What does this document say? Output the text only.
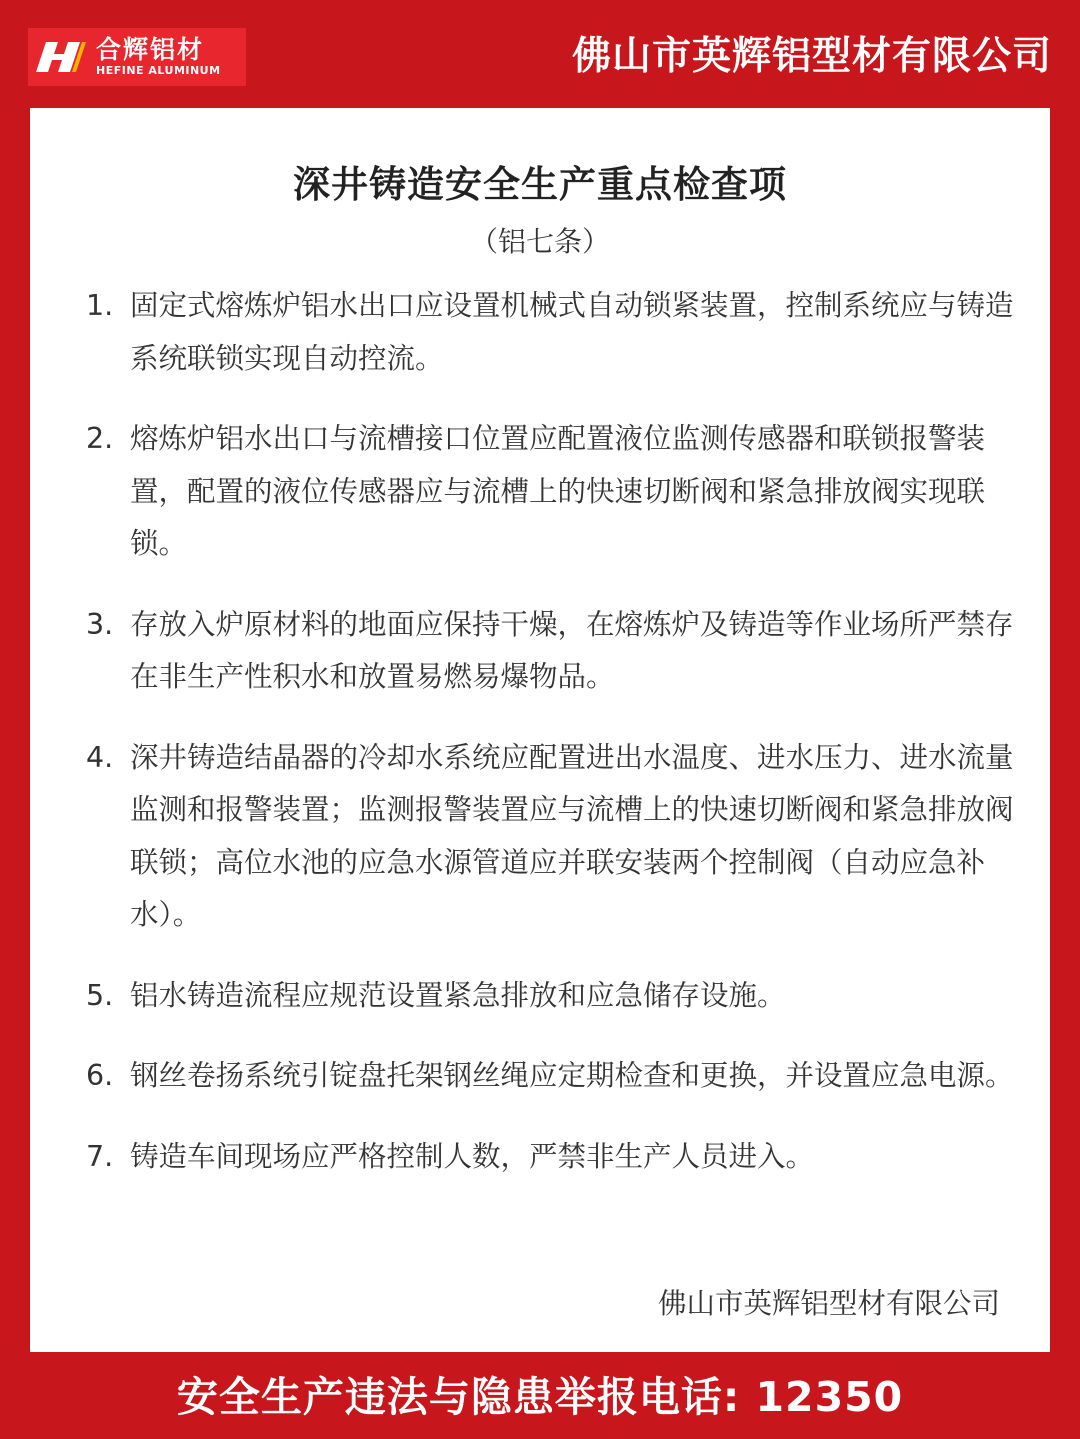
合辉铝材
HEFINE ALUMINUM	佛山市英辉铝型材有限公司
深井铸造安全生产重点检查项
（铝七条）
1. 固定式熔炼炉铝水出口应设置机械式自动锁紧装置，控制系统应与铸造系统联锁实现自动控流。
2. 熔炼炉铝水出口与流槽接口位置应配置液位监测传感器和联锁报警装置，配置的液位传感器应与流槽上的快速切断阀和紧急排放阀实现联锁。
3. 存放入炉原材料的地面应保持干燥，在熔炼炉及铸造等作业场所严禁存在非生产性积水和放置易燃易爆物品。
4. 深井铸造结晶器的冷却水系统应配置进出水温度、进水压力、进水流量监测和报警装置；监测报警装置应与流槽上的快速切断阀和紧急排放阀联锁；高位水池的应急水源管道应并联安装两个控制阀（自动应急补水）。
5. 铝水铸造流程应规范设置紧急排放和应急储存设施。
6. 钢丝卷扬系统引锭盘托架钢丝绳应定期检查和更换，并设置应急电源。
7. 铸造车间现场应严格控制人数，严禁非生产人员进入。
佛山市英辉铝型材有限公司
安全生产违法与隐患举报电话: 12350
